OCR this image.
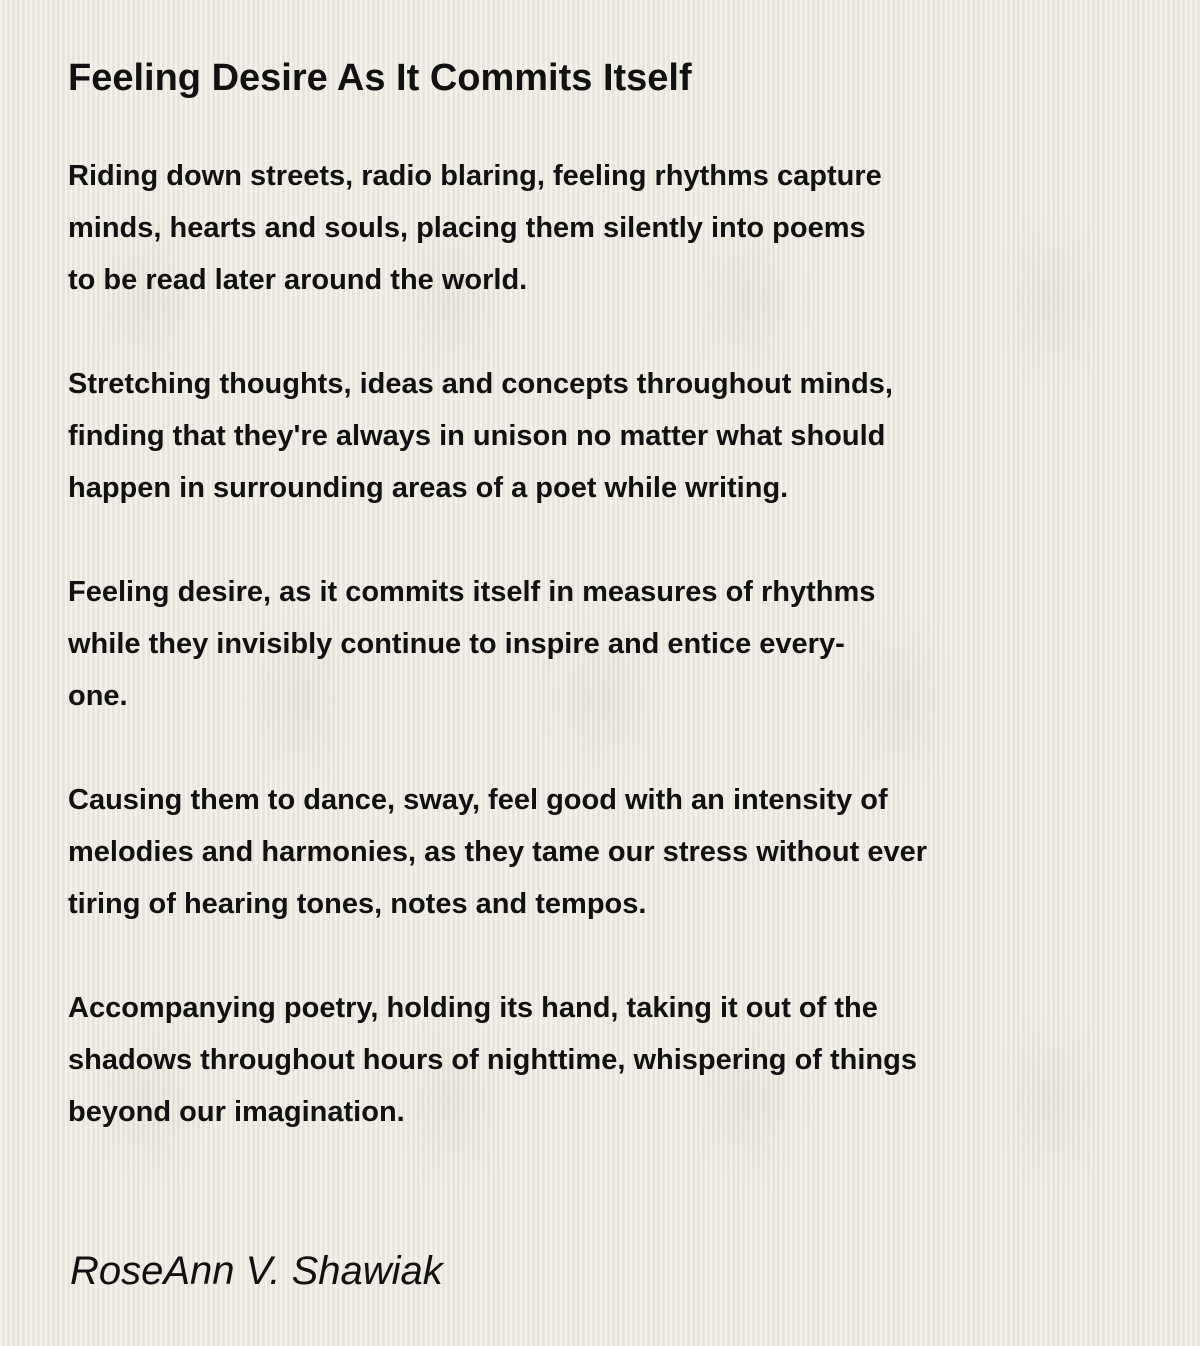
Feeling Desire As It Commits Itself

Riding down streets, radio blaring, feeling rhythms capture
minds, hearts and souls, placing them silently into poems
to be read later around the world.

Stretching thoughts, ideas and concepts throughout minds,
finding that they're always in unison no matter what should
happen in surrounding areas of a poet while writing.

Feeling desire, as it commits itself in measures of rhythms
while they invisibly continue to inspire and entice every-
one.

Causing them to dance, sway, feel good with an intensity of
melodies and harmonies, as they tame our stress without ever
tiring of hearing tones, notes and tempos.

Accompanying poetry, holding its hand, taking it out of the
shadows throughout hours of nighttime, whispering of things
beyond our imagination.

RoseAnn V. Shawiak
